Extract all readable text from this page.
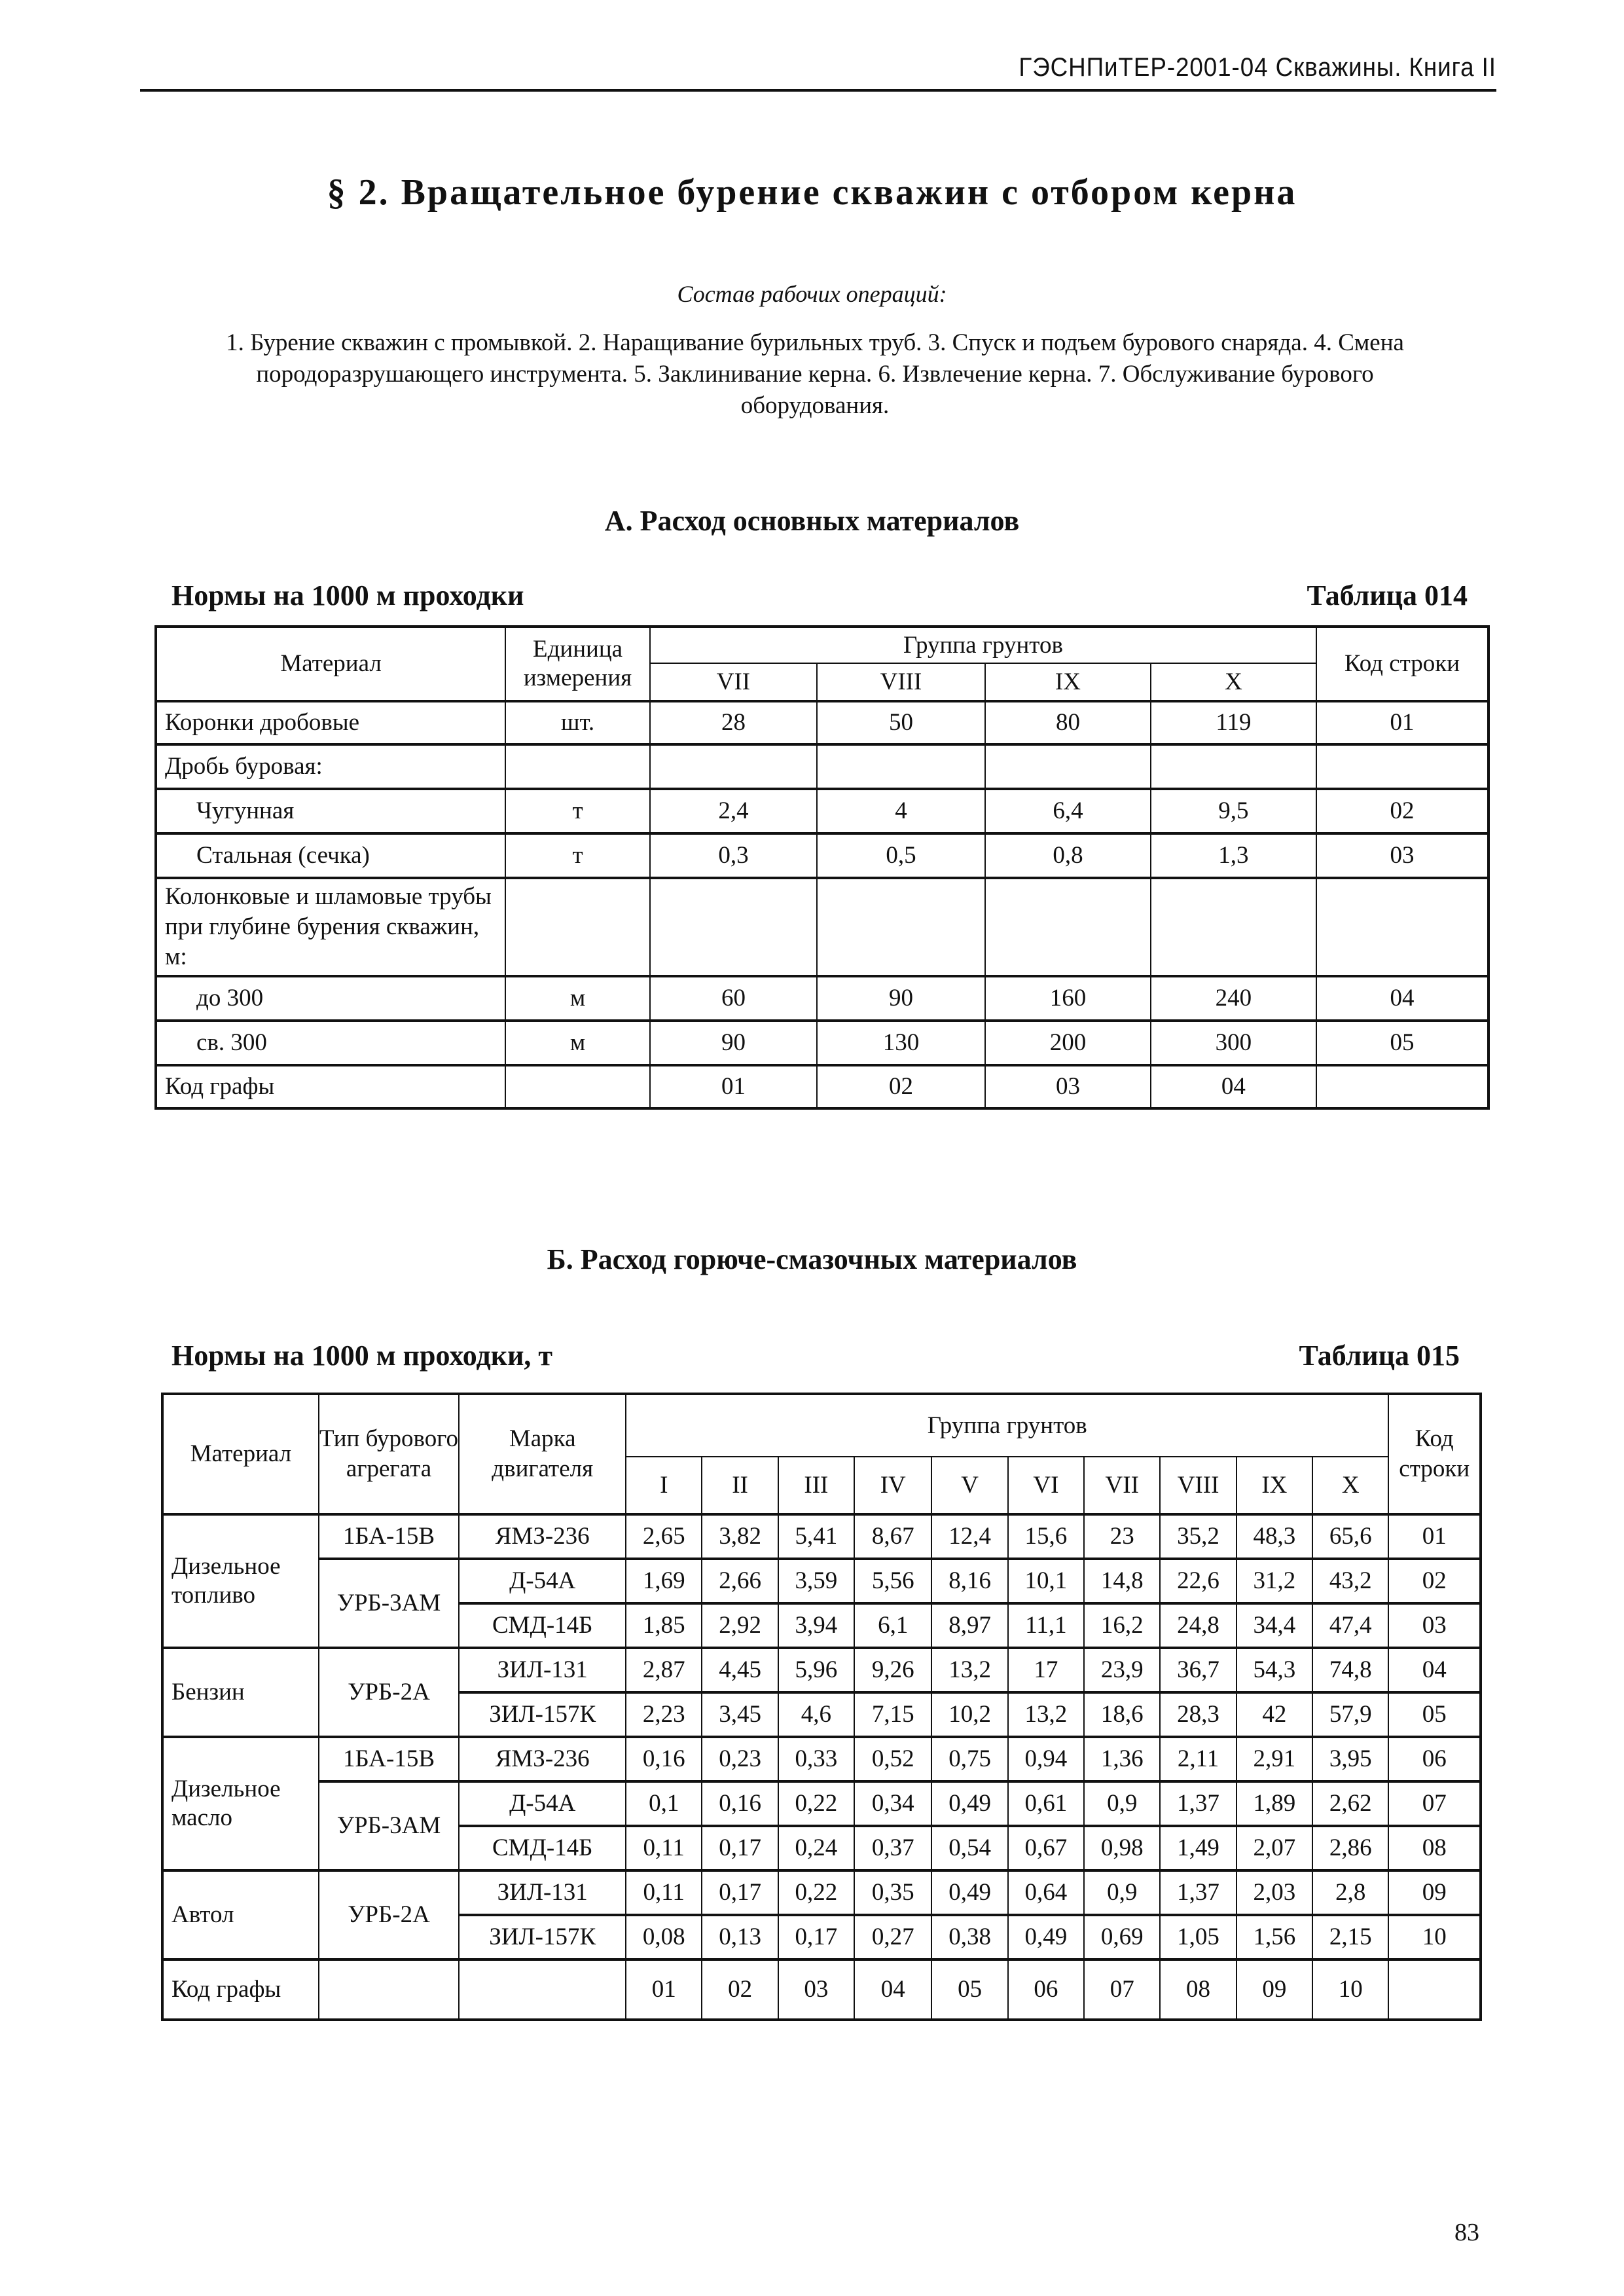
ГЭСНПиТЕР-2001-04 Скважины. Книга II
§ 2. Вращательное бурение скважин с отбором керна
Состав рабочих операций:
1. Бурение скважин с промывкой. 2. Наращивание бурильных труб. 3. Спуск и подъем бурового снаряда. 4. Смена породоразрушающего инструмента. 5. Заклинивание керна. 6. Извлечение керна. 7. Обслуживание бурового оборудования.
А. Расход основных материалов
Нормы на 1000 м проходки	Таблица 014
Материал	Единица измерения	Группа грунтов				Код строки
		VII	VIII	IX	X	
Коронки дробовые	шт.	28	50	80	119	01
Дробь буровая:						
Чугунная	т	2,4	4	6,4	9,5	02
Стальная (сечка)	т	0,3	0,5	0,8	1,3	03
Колонковые и шламовые трубы при глубине бурения скважин, м:						
до 300	м	60	90	160	240	04
св. 300	м	90	130	200	300	05
Код графы		01	02	03	04	
Б. Расход горюче-смазочных материалов
Нормы на 1000 м проходки, т	Таблица 015
Материал	Тип бурового агрегата	Марка двигателя	Группа грунтов										Код строки
			I	II	III	IV	V	VI	VII	VIII	IX	X	
Дизельное топливо	1БА-15В	ЯМЗ-236	2,65	3,82	5,41	8,67	12,4	15,6	23	35,2	48,3	65,6	01
	УРБ-3АМ	Д-54А	1,69	2,66	3,59	5,56	8,16	10,1	14,8	22,6	31,2	43,2	02
		СМД-14Б	1,85	2,92	3,94	6,1	8,97	11,1	16,2	24,8	34,4	47,4	03
Бензин	УРБ-2А	ЗИЛ-131	2,87	4,45	5,96	9,26	13,2	17	23,9	36,7	54,3	74,8	04
		ЗИЛ-157К	2,23	3,45	4,6	7,15	10,2	13,2	18,6	28,3	42	57,9	05
Дизельное масло	1БА-15В	ЯМЗ-236	0,16	0,23	0,33	0,52	0,75	0,94	1,36	2,11	2,91	3,95	06
	УРБ-3АМ	Д-54А	0,1	0,16	0,22	0,34	0,49	0,61	0,9	1,37	1,89	2,62	07
		СМД-14Б	0,11	0,17	0,24	0,37	0,54	0,67	0,98	1,49	2,07	2,86	08
Автол	УРБ-2А	ЗИЛ-131	0,11	0,17	0,22	0,35	0,49	0,64	0,9	1,37	2,03	2,8	09
		ЗИЛ-157К	0,08	0,13	0,17	0,27	0,38	0,49	0,69	1,05	1,56	2,15	10
Код графы			01	02	03	04	05	06	07	08	09	10	
83
